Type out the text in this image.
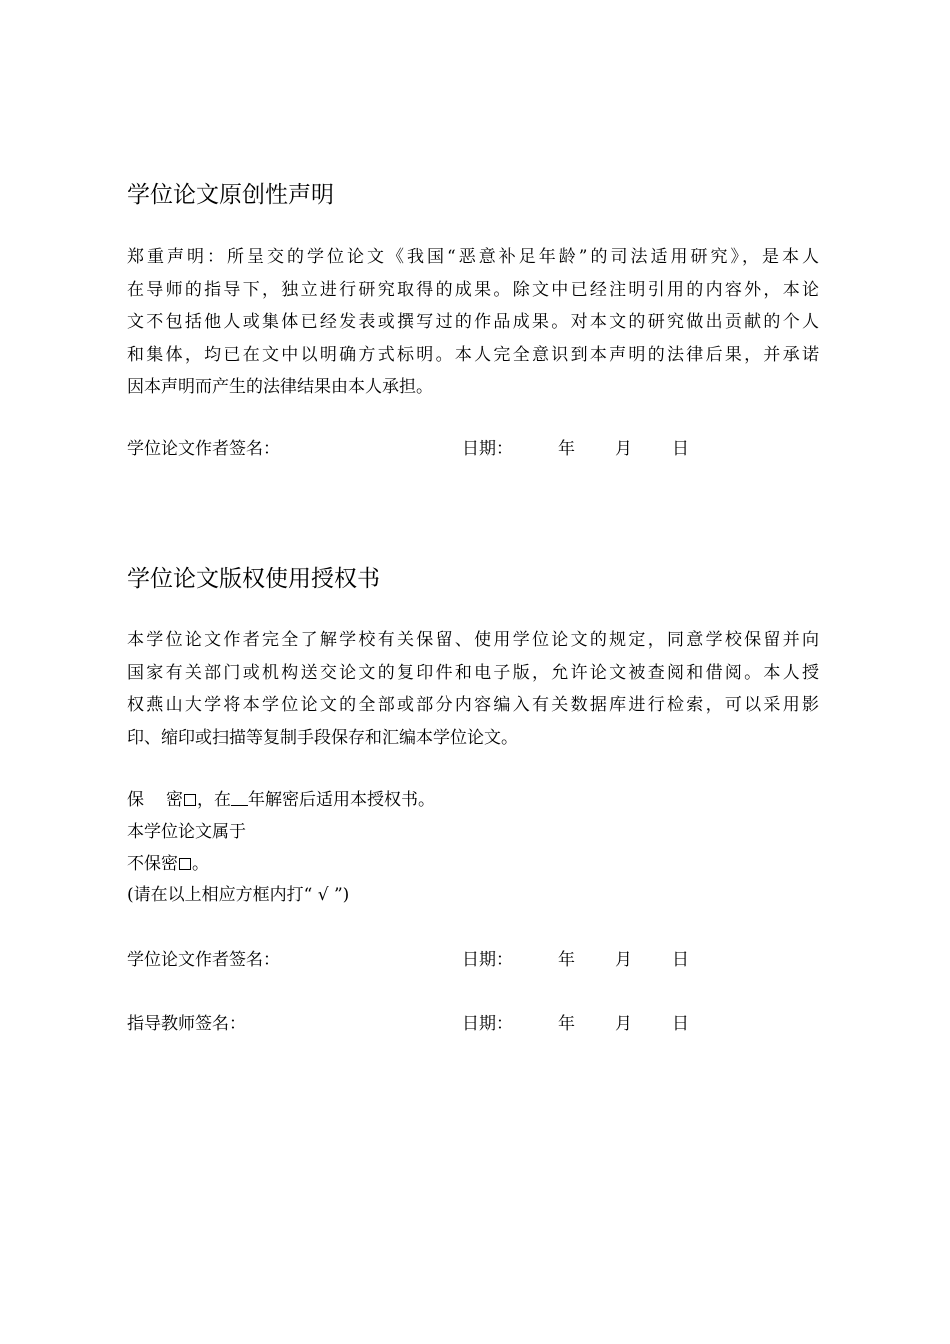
学位论文原创性声明
郑重声明：所呈交的学位论文《我国“恶意补足年龄”的司法适用研究》，是本人
在导师的指导下，独立进行研究取得的成果。除文中已经注明引用的内容外，本论
文不包括他人或集体已经发表或撰写过的作品成果。对本文的研究做出贡献的个人
和集体，均已在文中以明确方式标明。本人完全意识到本声明的法律后果，并承诺
因本声明而产生的法律结果由本人承担。
学位论文作者签名：	日期：	年 月 日
学位论文版权使用授权书
本学位论文作者完全了解学校有关保留、使用学位论文的规定，同意学校保留并向
国家有关部门或机构送交论文的复印件和电子版，允许论文被查阅和借阅。本人授
权燕山大学将本学位论文的全部或部分内容编入有关数据库进行检索，可以采用影
印、缩印或扫描等复制手段保存和汇编本学位论文。
保 密 ，在 年解密后适用本授权书。
本学位论文属于
不保密 。
(请在以上相应方框内打“ √ ”)
学位论文作者签名：	日期：	年 月 日
指导教师签名：	日期：	年 月 日
